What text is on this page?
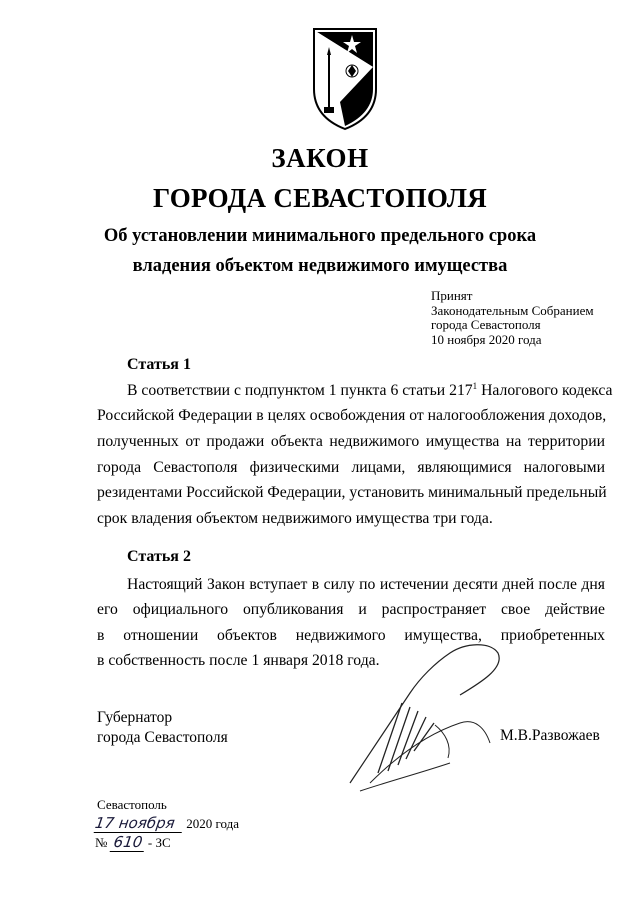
ЗАКОН
ГОРОДА СЕВАСТОПОЛЯ
Об установлении минимального предельного срока
владения объектом недвижимого имущества
Принят
Законодательным Собранием
города Севастополя
10 ноября 2020 года
Статья 1
В соответствии с подпунктом 1 пункта 6 статьи $217^1$ Налогового кодекса
Российской Федерации в целях освобождения от налогообложения доходов,
полученных от продажи объекта недвижимого имущества на территории
города Севастополя физическими лицами, являющимися налоговыми
резидентами Российской Федерации, установить минимальный предельный
срок владения объектом недвижимого имущества три года.
Статья 2
Настоящий Закон вступает в силу по истечении десяти дней после дня
его официального опубликования и распространяет свое действие
в отношении объектов недвижимого имущества, приобретенных
в собственность после 1 января 2018 года.
Губернатор
города Севастополя	М.В.Развожаев
Севастополь
17 ноября 2020 года
№ 610 - ЗС
